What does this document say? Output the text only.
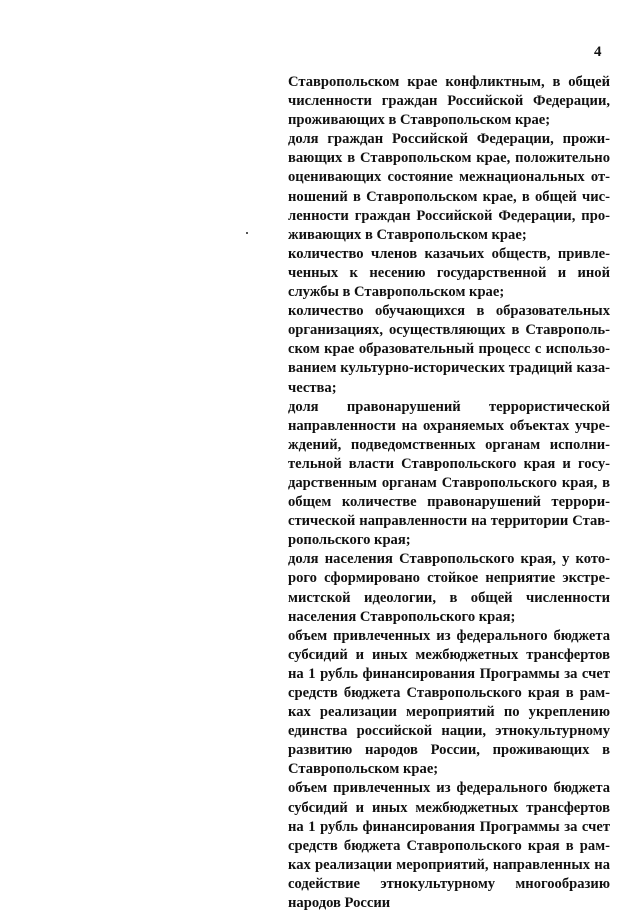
4
Ставропольском крае конфликтным, в общей
численности граждан Российской Федерации,
проживающих в Ставропольском крае;
доля граждан Российской Федерации, прожи-
вающих в Ставропольском крае, положительно
оценивающих состояние межнациональных от-
ношений в Ставропольском крае, в общей чис-
ленности граждан Российской Федерации, про-
живающих в Ставропольском крае;
количество членов казачьих обществ, привле-
ченных к несению государственной и иной
службы в Ставропольском крае;
количество обучающихся в образовательных
организациях, осуществляющих в Ставрополь-
ском крае образовательный процесс с использо-
ванием культурно-исторических традиций каза-
чества;
доля правонарушений террористической
направленности на охраняемых объектах учре-
ждений, подведомственных органам исполни-
тельной власти Ставропольского края и госу-
дарственным органам Ставропольского края, в
общем количестве правонарушений террори-
стической направленности на территории Став-
ропольского края;
доля населения Ставропольского края, у кото-
рого сформировано стойкое неприятие экстре-
мистской идеологии, в общей численности
населения Ставропольского края;
объем привлеченных из федерального бюджета
субсидий и иных межбюджетных трансфертов
на 1 рубль финансирования Программы за счет
средств бюджета Ставропольского края в рам-
ках реализации мероприятий по укреплению
единства российской нации, этнокультурному
развитию народов России, проживающих в
Ставропольском крае;
объем привлеченных из федерального бюджета
субсидий и иных межбюджетных трансфертов
на 1 рубль финансирования Программы за счет
средств бюджета Ставропольского края в рам-
ках реализации мероприятий, направленных на
содействие этнокультурному многообразию
народов России
